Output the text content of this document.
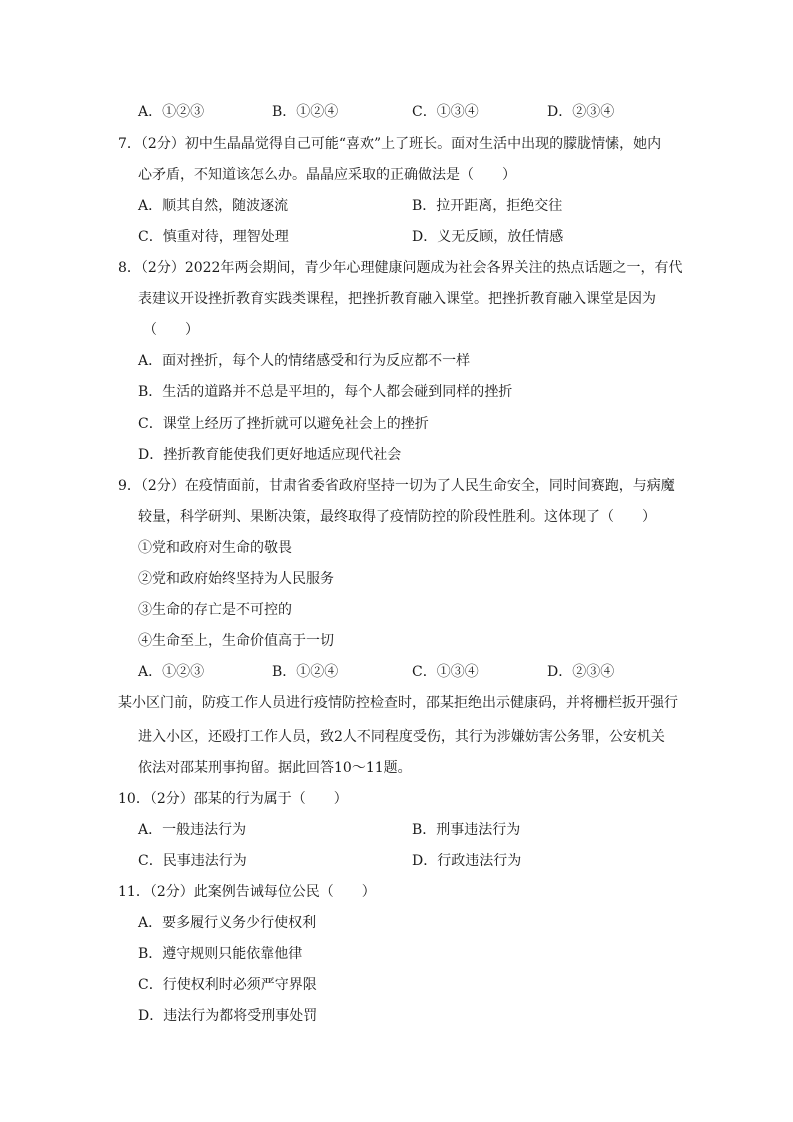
A．①②③	B．①②④	C．①③④	D．②③④
7．（2分）初中生晶晶觉得自己可能“喜欢”上了班长。面对生活中出现的朦胧情愫，她内
心矛盾，不知道该怎么办。晶晶应采取的正确做法是（　　）
A．顺其自然，随波逐流	B．拉开距离，拒绝交往
C．慎重对待，理智处理	D．义无反顾，放任情感
8．（2分）2022年两会期间，青少年心理健康问题成为社会各界关注的热点话题之一，有代
表建议开设挫折教育实践类课程，把挫折教育融入课堂。把挫折教育融入课堂是因为
（　　）
A．面对挫折，每个人的情绪感受和行为反应都不一样
B．生活的道路并不总是平坦的，每个人都会碰到同样的挫折
C．课堂上经历了挫折就可以避免社会上的挫折
D．挫折教育能使我们更好地适应现代社会
9．（2分）在疫情面前，甘肃省委省政府坚持一切为了人民生命安全，同时间赛跑，与病魔
较量，科学研判、果断决策，最终取得了疫情防控的阶段性胜利。这体现了（　　）
①党和政府对生命的敬畏
②党和政府始终坚持为人民服务
③生命的存亡是不可控的
④生命至上，生命价值高于一切
A．①②③	B．①②④	C．①③④	D．②③④
某小区门前，防疫工作人员进行疫情防控检查时，邵某拒绝出示健康码，并将栅栏扳开强行
进入小区，还殴打工作人员，致2人不同程度受伤，其行为涉嫌妨害公务罪，公安机关
依法对邵某刑事拘留。据此回答10～11题。
10．（2分）邵某的行为属于（　　）
A．一般违法行为	B．刑事违法行为
C．民事违法行为	D．行政违法行为
11．（2分）此案例告诫每位公民（　　）
A．要多履行义务少行使权利
B．遵守规则只能依靠他律
C．行使权利时必须严守界限
D．违法行为都将受刑事处罚
